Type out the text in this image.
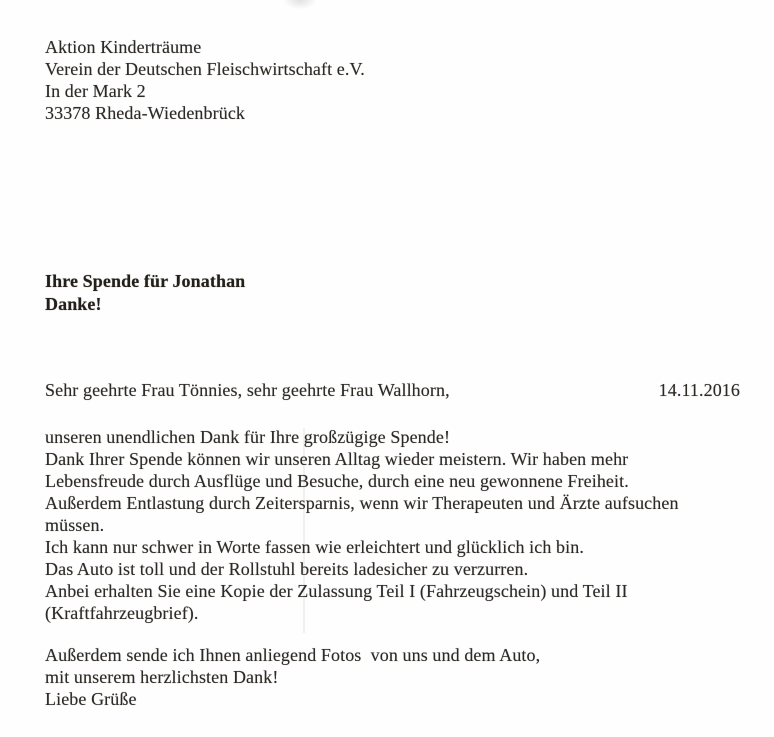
Aktion Kinderträume
Verein der Deutschen Fleischwirtschaft e.V.
In der Mark 2
33378 Rheda-Wiedenbrück
Ihre Spende für Jonathan
Danke!
Sehr geehrte Frau Tönnies, sehr geehrte Frau Wallhorn,	14.11.2016
unseren unendlichen Dank für Ihre großzügige Spende!
Dank Ihrer Spende können wir unseren Alltag wieder meistern. Wir haben mehr
Lebensfreude durch Ausflüge und Besuche, durch eine neu gewonnene Freiheit.
Außerdem Entlastung durch Zeitersparnis, wenn wir Therapeuten und Ärzte aufsuchen
müssen.
Ich kann nur schwer in Worte fassen wie erleichtert und glücklich ich bin.
Das Auto ist toll und der Rollstuhl bereits ladesicher zu verzurren.
Anbei erhalten Sie eine Kopie der Zulassung Teil I (Fahrzeugschein) und Teil II
(Kraftfahrzeugbrief).
Außerdem sende ich Ihnen anliegend Fotos  von uns und dem Auto,
mit unserem herzlichsten Dank!
Liebe Grüße
